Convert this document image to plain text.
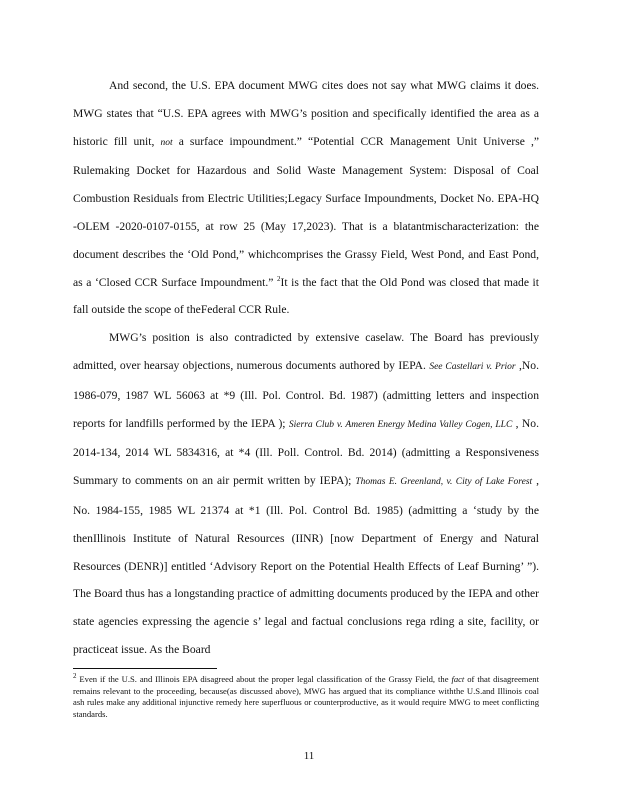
And second, the U.S. EPA document MWG cites does not say what MWG claims it does. MWG states that “U.S. EPA agrees with MWG’s position and specifically identified the area as a historic fill unit, not a surface impoundment.” “Potential CCR Management Unit Universe ,” Rulemaking Docket for Hazardous and Solid Waste Management System: Disposal of Coal Combustion Residuals from Electric Utilities;Legacy Surface Impoundments, Docket No. EPA-HQ -OLEM -2020-0107-0155, at row 25 (May 17,2023). That is a blatantmischaracterization: the document describes the ‘Old Pond,” whichcomprises the Grassy Field, West Pond, and East Pond, as a ‘Closed CCR Surface Impoundment.” $^2$It is the fact that the Old Pond was closed that made it fall outside the scope of theFederal CCR Rule.

MWG’s position is also contradicted by extensive caselaw. The Board has previously admitted, over hearsay objections, numerous documents authored by IEPA. See Castellari v. Prior ,No. 1986-079, 1987 WL 56063 at *9 (Ill. Pol. Control. Bd. 1987) (admitting letters and inspection reports for landfills performed by the IEPA ); Sierra Club v. Ameren Energy Medina Valley Cogen, LLC , No. 2014-134, 2014 WL 5834316, at *4 (Ill. Poll. Control. Bd. 2014) (admitting a Responsiveness Summary to comments on an air permit written by IEPA); Thomas E. Greenland, v. City of Lake Forest , No. 1984-155, 1985 WL 21374 at *1 (Ill. Pol. Control Bd. 1985) (admitting a ‘study by the thenIllinois Institute of Natural Resources (IINR) [now Department of Energy and Natural Resources (DENR)] entitled ‘Advisory Report on the Potential Health Effects of Leaf Burning’ ”). The Board thus has a longstanding practice of admitting documents produced by the IEPA and other state agencies expressing the agencie s’ legal and factual conclusions rega rding a site, facility, or practiceat issue. As the Board

$^2$ Even if the U.S. and Illinois EPA disagreed about the proper legal classification of the Grassy Field, the fact of that disagreement remains relevant to the proceeding, because(as discussed above), MWG has argued that its compliance withthe U.S.and Illinois coal ash rules make any additional injunctive remedy here superfluous or counterproductive, as it would require MWG to meet conflicting standards.

11
